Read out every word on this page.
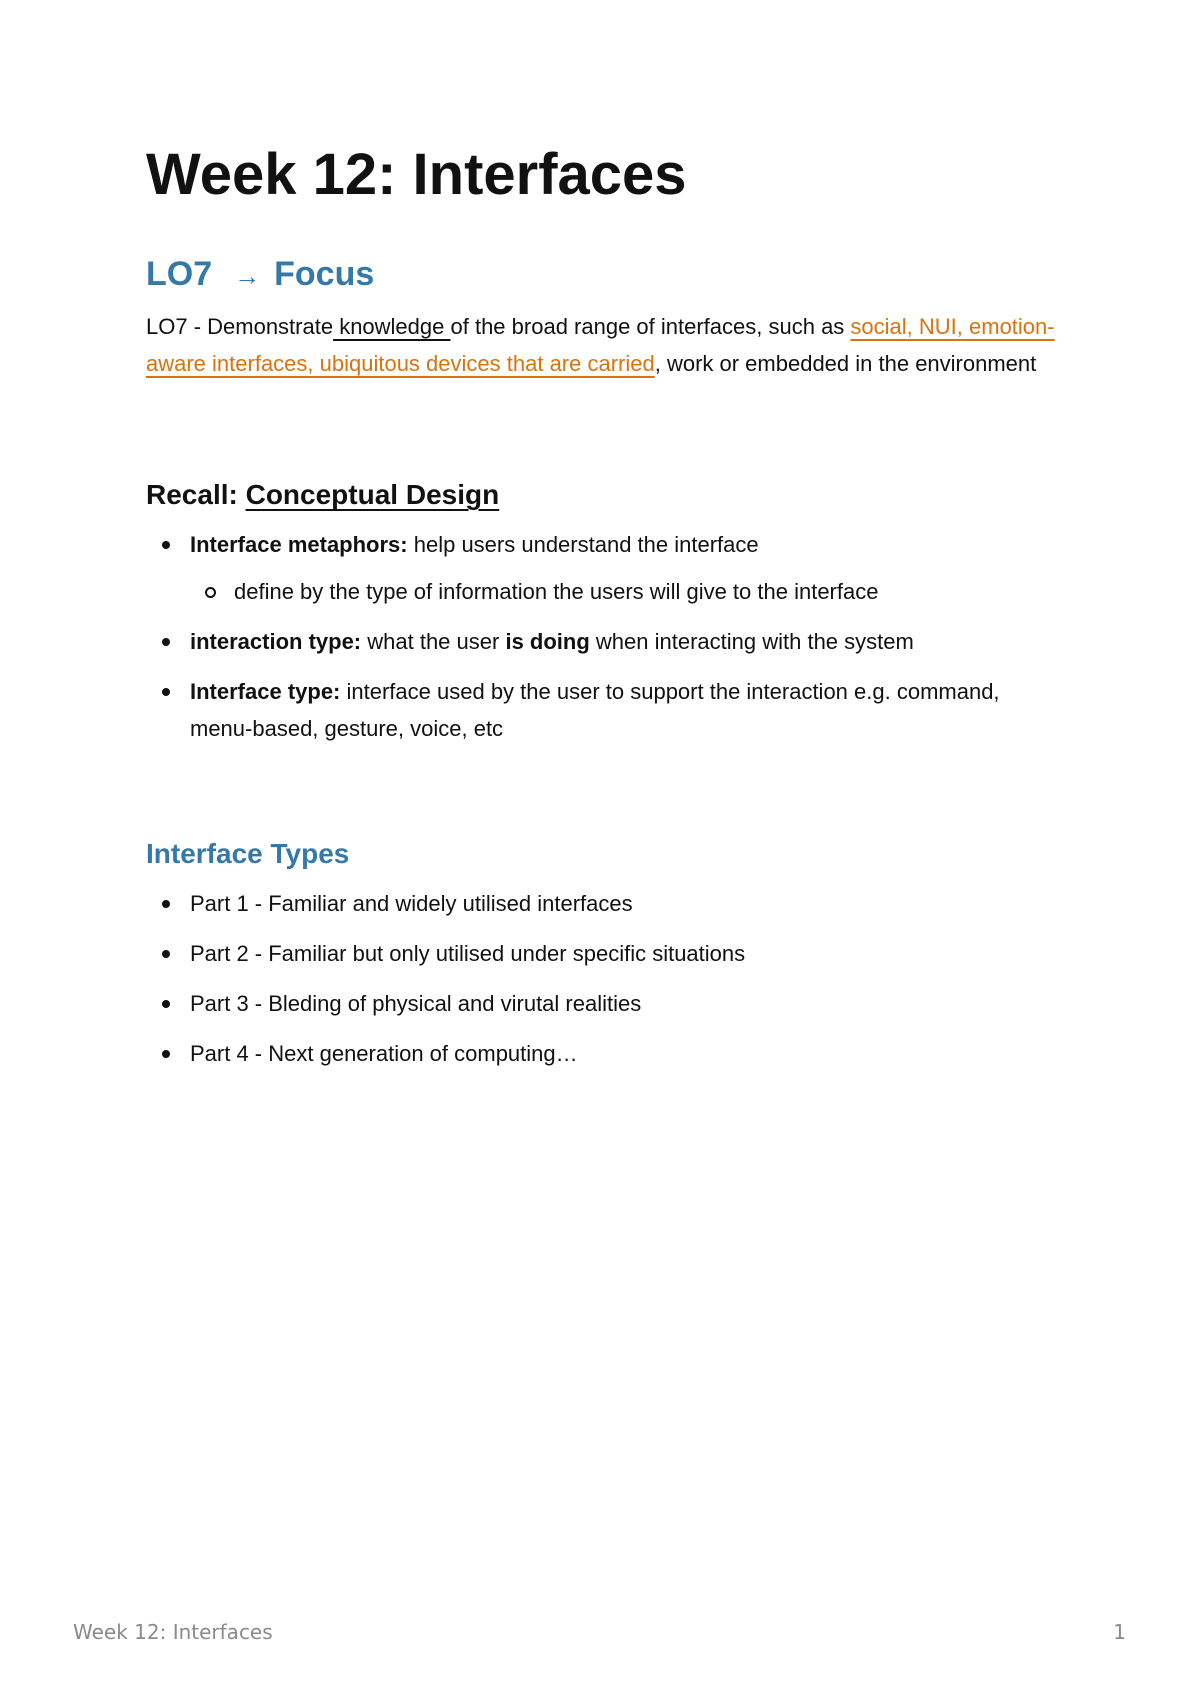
Week 12: Interfaces
LO7 → Focus

LO7 - Demonstrate knowledge of the broad range of interfaces, such as social, NUI, emotion-aware interfaces, ubiquitous devices that are carried, work or embedded in the environment

Recall: Conceptual Design
Interface metaphors: help users understand the interface
define by the type of information the users will give to the interface
interaction type: what the user is doing when interacting with the system
Interface type: interface used by the user to support the interaction e.g. command, menu-based, gesture, voice, etc
Interface Types
Part 1 - Familiar and widely utilised interfaces
Part 2 - Familiar but only utilised under specific situations
Part 3 - Bleding of physical and virutal realities
Part 4 - Next generation of computing…
Week 12: Interfaces	1
